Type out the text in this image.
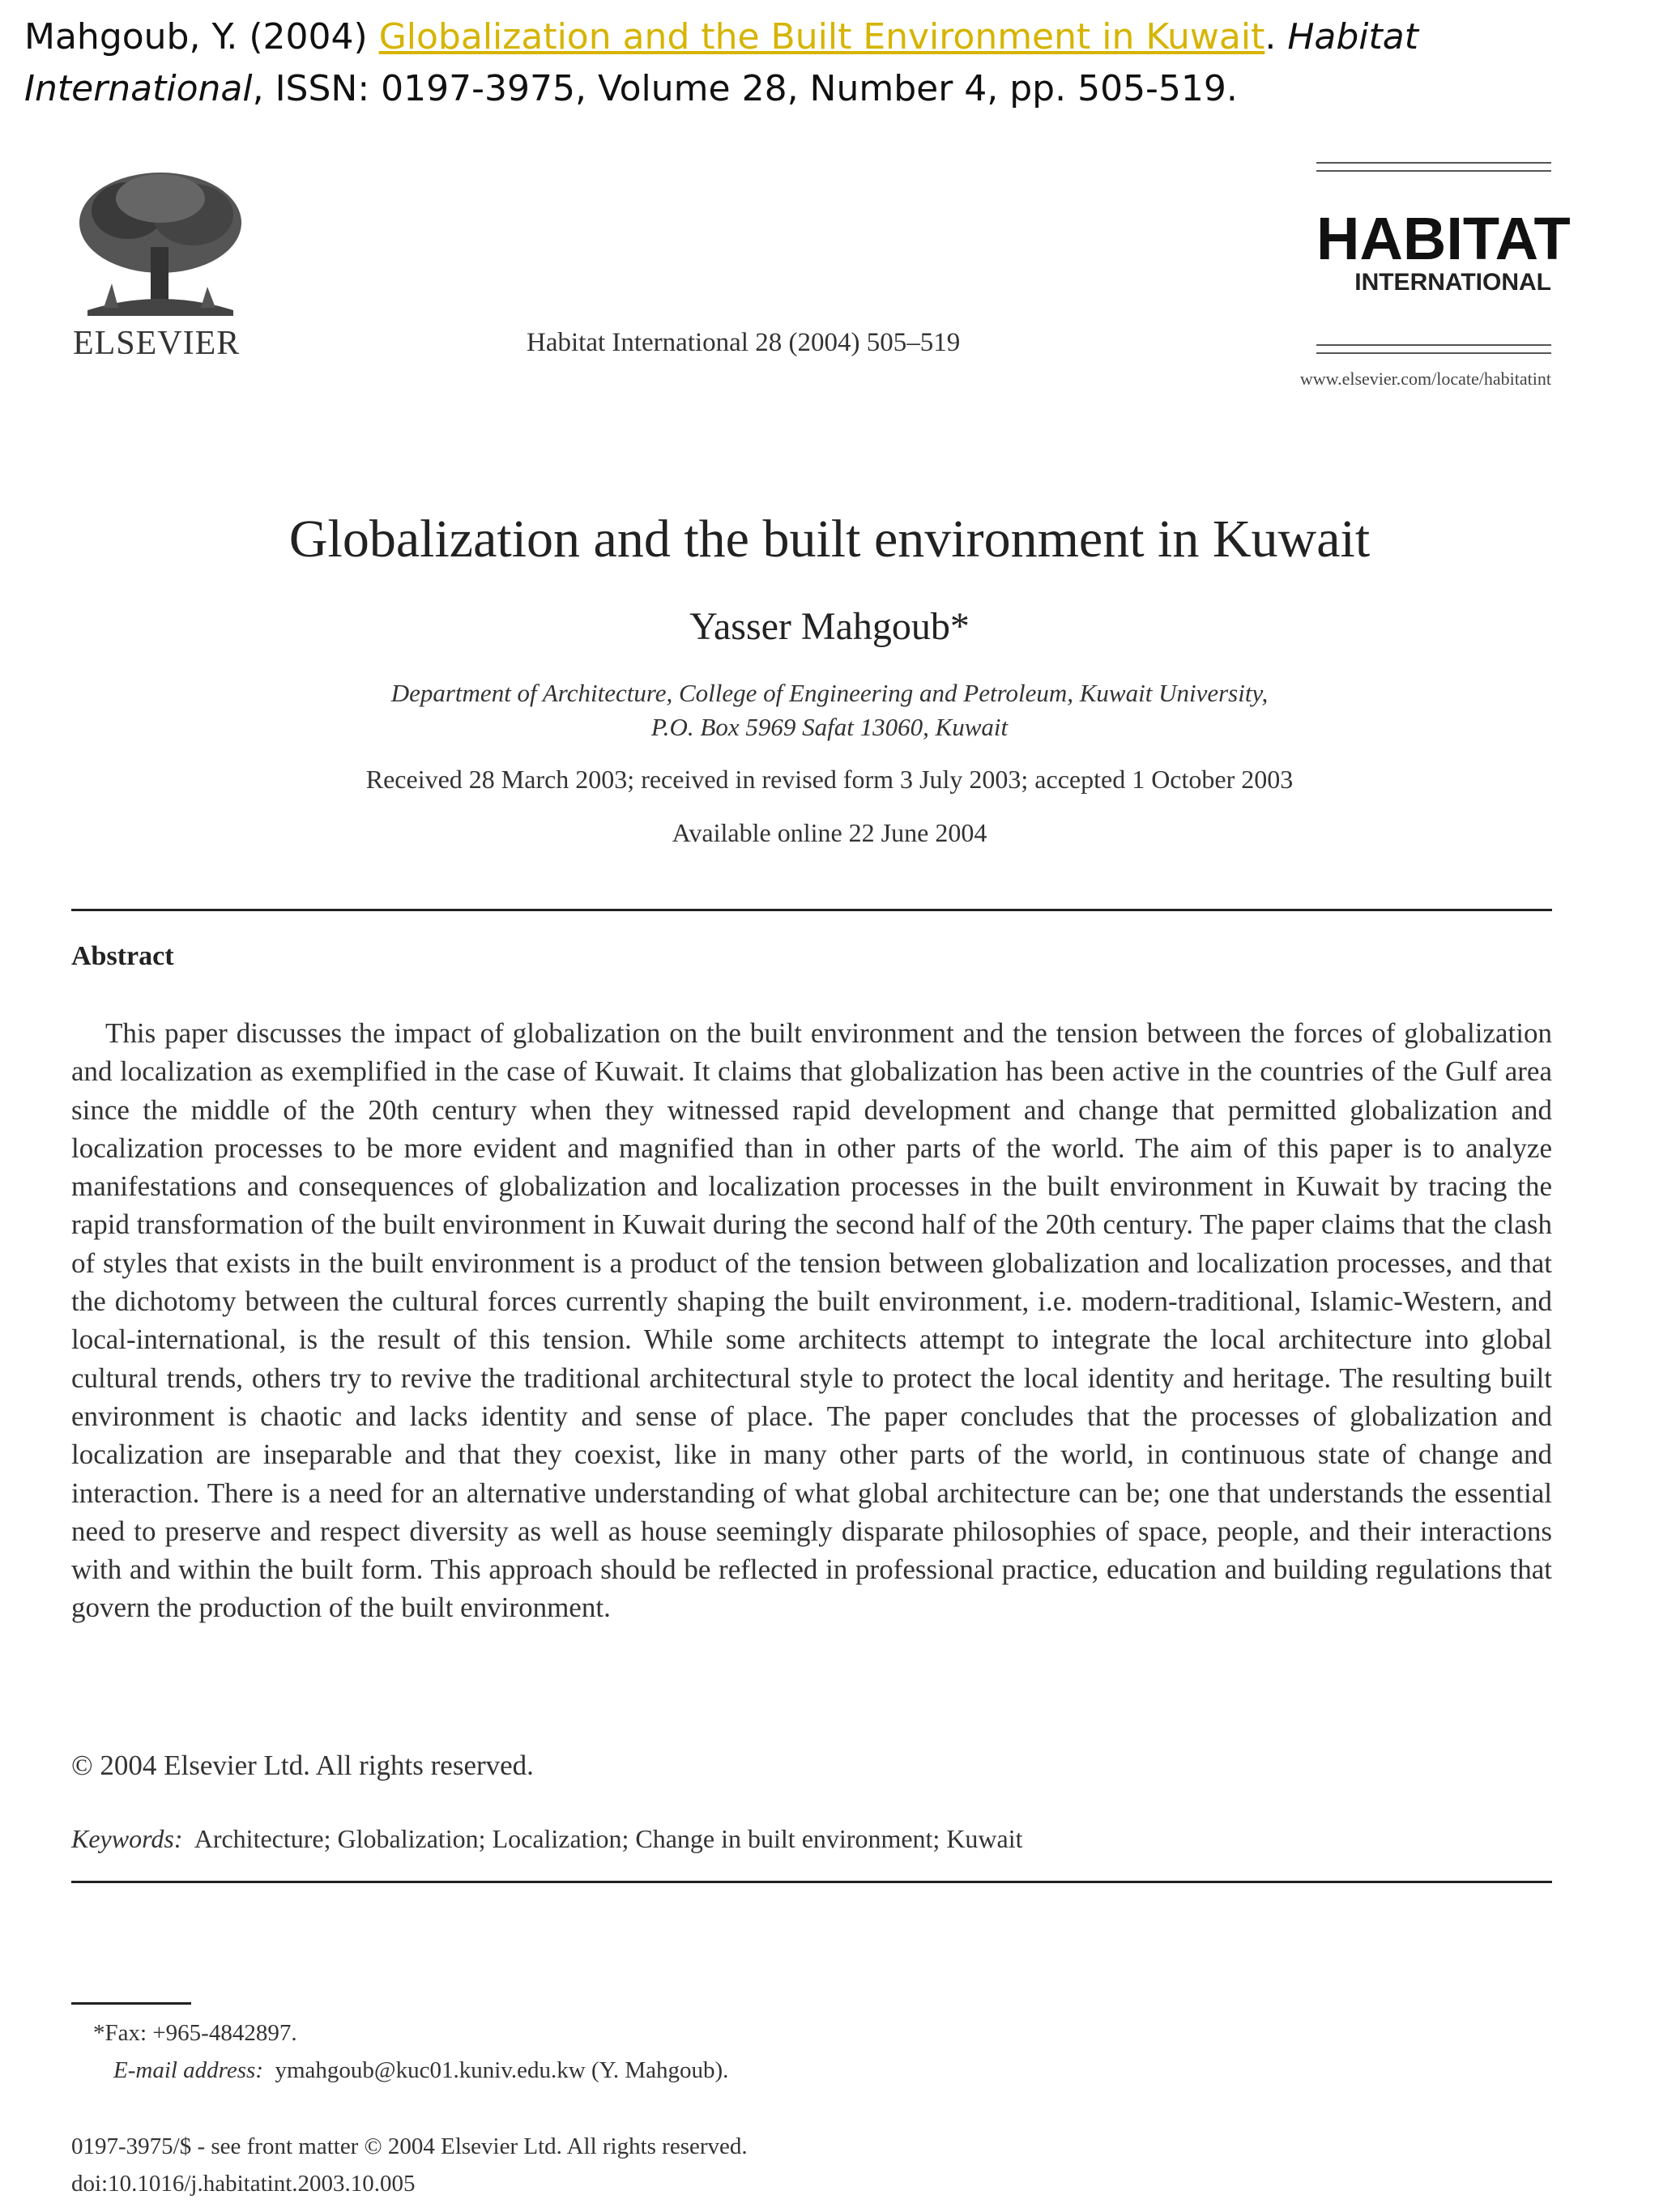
Mahgoub, Y. (2004) Globalization and the Built Environment in Kuwait. Habitat
International, ISSN: 0197-3975, Volume 28, Number 4, pp. 505-519.
ELSEVIER	Habitat International 28 (2004) 505–519
HABITAT
INTERNATIONAL
www.elsevier.com/locate/habitatint
Globalization and the built environment in Kuwait
Yasser Mahgoub*
Department of Architecture, College of Engineering and Petroleum, Kuwait University,
P.O. Box 5969 Safat 13060, Kuwait
Received 28 March 2003; received in revised form 3 July 2003; accepted 1 October 2003
Available online 22 June 2004
Abstract
This paper discusses the impact of globalization on the built environment and the tension between the forces of globalization and localization as exemplified in the case of Kuwait. It claims that globalization has been active in the countries of the Gulf area since the middle of the 20th century when they witnessed rapid development and change that permitted globalization and localization processes to be more evident and magnified than in other parts of the world. The aim of this paper is to analyze manifestations and consequences of globalization and localization processes in the built environment in Kuwait by tracing the rapid transformation of the built environment in Kuwait during the second half of the 20th century. The paper claims that the clash of styles that exists in the built environment is a product of the tension between globalization and localization processes, and that the dichotomy between the cultural forces currently shaping the built environment, i.e. modern-traditional, Islamic-Western, and local-international, is the result of this tension. While some architects attempt to integrate the local architecture into global cultural trends, others try to revive the traditional architectural style to protect the local identity and heritage. The resulting built environment is chaotic and lacks identity and sense of place. The paper concludes that the processes of globalization and localization are inseparable and that they coexist, like in many other parts of the world, in continuous state of change and interaction. There is a need for an alternative understanding of what global architecture can be; one that understands the essential need to preserve and respect diversity as well as house seemingly disparate philosophies of space, people, and their interactions with and within the built form. This approach should be reflected in professional practice, education and building regulations that govern the production of the built environment.
© 2004 Elsevier Ltd. All rights reserved.
Keywords: Architecture; Globalization; Localization; Change in built environment; Kuwait
*Fax: +965-4842897.
E-mail address: ymahgoub@kuc01.kuniv.edu.kw (Y. Mahgoub).
0197-3975/$ - see front matter © 2004 Elsevier Ltd. All rights reserved.
doi:10.1016/j.habitatint.2003.10.005
